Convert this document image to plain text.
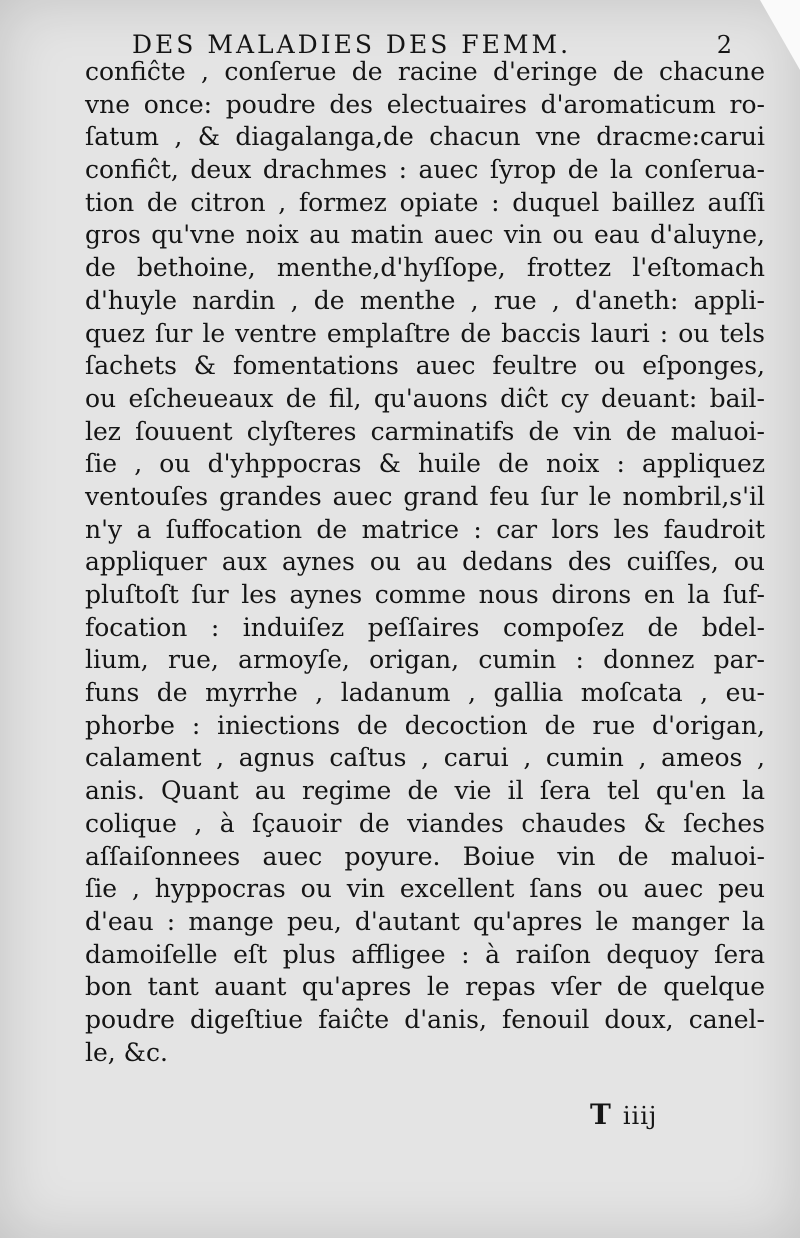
DES MALADIES DES FEMM.	2
confiĉte , conſerue de racine d'eringe de chacune
vne once: poudre des electuaires d'aromaticum ro-
ſatum , & diagalanga,de chacun vne dracme:carui
confiĉt, deux drachmes : auec ſyrop de la conſerua-
tion de citron , formez opiate : duquel baillez auſſi
gros qu'vne noix au matin auec vin ou eau d'aluyne,
de bethoine, menthe,d'hyſſope, frottez l'eſtomach
d'huyle nardin , de menthe , rue , d'aneth: appli-
quez ſur le ventre emplaſtre de baccis lauri : ou tels
ſachets & fomentations auec feultre ou eſponges,
ou eſcheueaux de fil, qu'auons diĉt cy deuant: bail-
lez ſouuent clyſteres carminatifs de vin de maluoi-
ſie , ou d'yhppocras & huile de noix : appliquez
ventouſes grandes auec grand feu ſur le nombril,s'il
n'y a ſuffocation de matrice : car lors les faudroit
appliquer aux aynes ou au dedans des cuiſſes, ou
pluſtoſt ſur les aynes comme nous dirons en la ſuf-
focation : induiſez peſſaires compoſez de bdel-
lium, rue, armoyſe, origan, cumin : donnez par-
funs de myrrhe , ladanum , gallia moſcata , eu-
phorbe : iniections de decoction de rue d'origan,
calament , agnus caſtus , carui , cumin , ameos ,
anis. Quant au regime de vie il ſera tel qu'en la
colique , à ſçauoir de viandes chaudes & ſeches
aſſaiſonnees auec poyure. Boiue vin de maluoi-
ſie , hyppocras ou vin excellent ſans ou auec peu
d'eau : mange peu, d'autant qu'apres le manger la
damoiſelle eſt plus affligee : à raiſon dequoy ſera
bon tant auant qu'apres le repas vſer de quelque
poudre digeſtiue faiĉte d'anis, fenouil doux, canel-
le, &c.
T iiij
